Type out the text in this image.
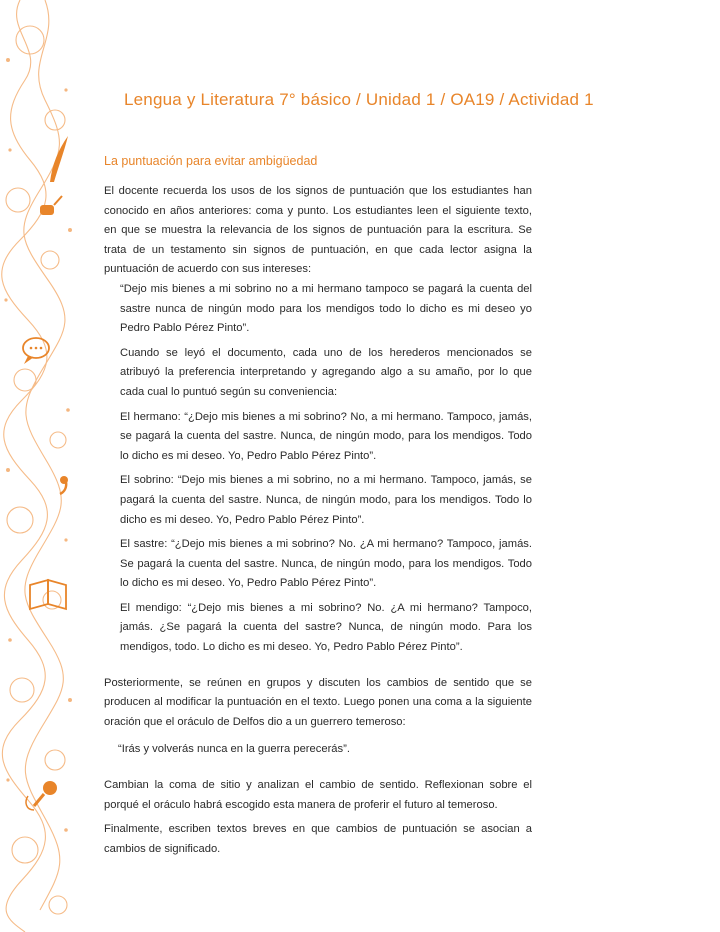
Lengua y Literatura 7° básico / Unidad 1 / OA19 / Actividad 1
La puntuación para evitar ambigüedad

El docente recuerda los usos de los signos de puntuación que los estudiantes han conocido en años anteriores: coma y punto. Los estudiantes leen el siguiente texto, en que se muestra la relevancia de los signos de puntuación para la escritura. Se trata de un testamento sin signos de puntuación, en que cada lector asigna la puntuación de acuerdo con sus intereses:

“Dejo mis bienes a mi sobrino no a mi hermano tampoco se pagará la cuenta del sastre nunca de ningún modo para los mendigos todo lo dicho es mi deseo yo Pedro Pablo Pérez Pinto”.

Cuando se leyó el documento, cada uno de los herederos mencionados se atribuyó la preferencia interpretando y agregando algo a su amaño, por lo que cada cual lo puntuó según su conveniencia:

El hermano: “¿Dejo mis bienes a mi sobrino? No, a mi hermano. Tampoco, jamás, se pagará la cuenta del sastre. Nunca, de ningún modo, para los mendigos. Todo lo dicho es mi deseo. Yo, Pedro Pablo Pérez Pinto”.

El sobrino: “Dejo mis bienes a mi sobrino, no a mi hermano. Tampoco, jamás, se pagará la cuenta del sastre. Nunca, de ningún modo, para los mendigos. Todo lo dicho es mi deseo. Yo, Pedro Pablo Pérez Pinto”.

El sastre: “¿Dejo mis bienes a mi sobrino? No. ¿A mi hermano? Tampoco, jamás. Se pagará la cuenta del sastre. Nunca, de ningún modo, para los mendigos. Todo lo dicho es mi deseo. Yo, Pedro Pablo Pérez Pinto”.

El mendigo: “¿Dejo mis bienes a mi sobrino? No. ¿A mi hermano? Tampoco, jamás. ¿Se pagará la cuenta del sastre? Nunca, de ningún modo. Para los mendigos, todo. Lo dicho es mi deseo. Yo, Pedro Pablo Pérez Pinto”.

Posteriormente, se reúnen en grupos y discuten los cambios de sentido que se producen al modificar la puntuación en el texto. Luego ponen una coma a la siguiente oración que el oráculo de Delfos dio a un guerrero temeroso:

“Irás y volverás nunca en la guerra perecerás”.

Cambian la coma de sitio y analizan el cambio de sentido. Reflexionan sobre el porqué el oráculo habrá escogido esta manera de proferir el futuro al temeroso.

Finalmente, escriben textos breves en que cambios de puntuación se asocian a cambios de significado.
